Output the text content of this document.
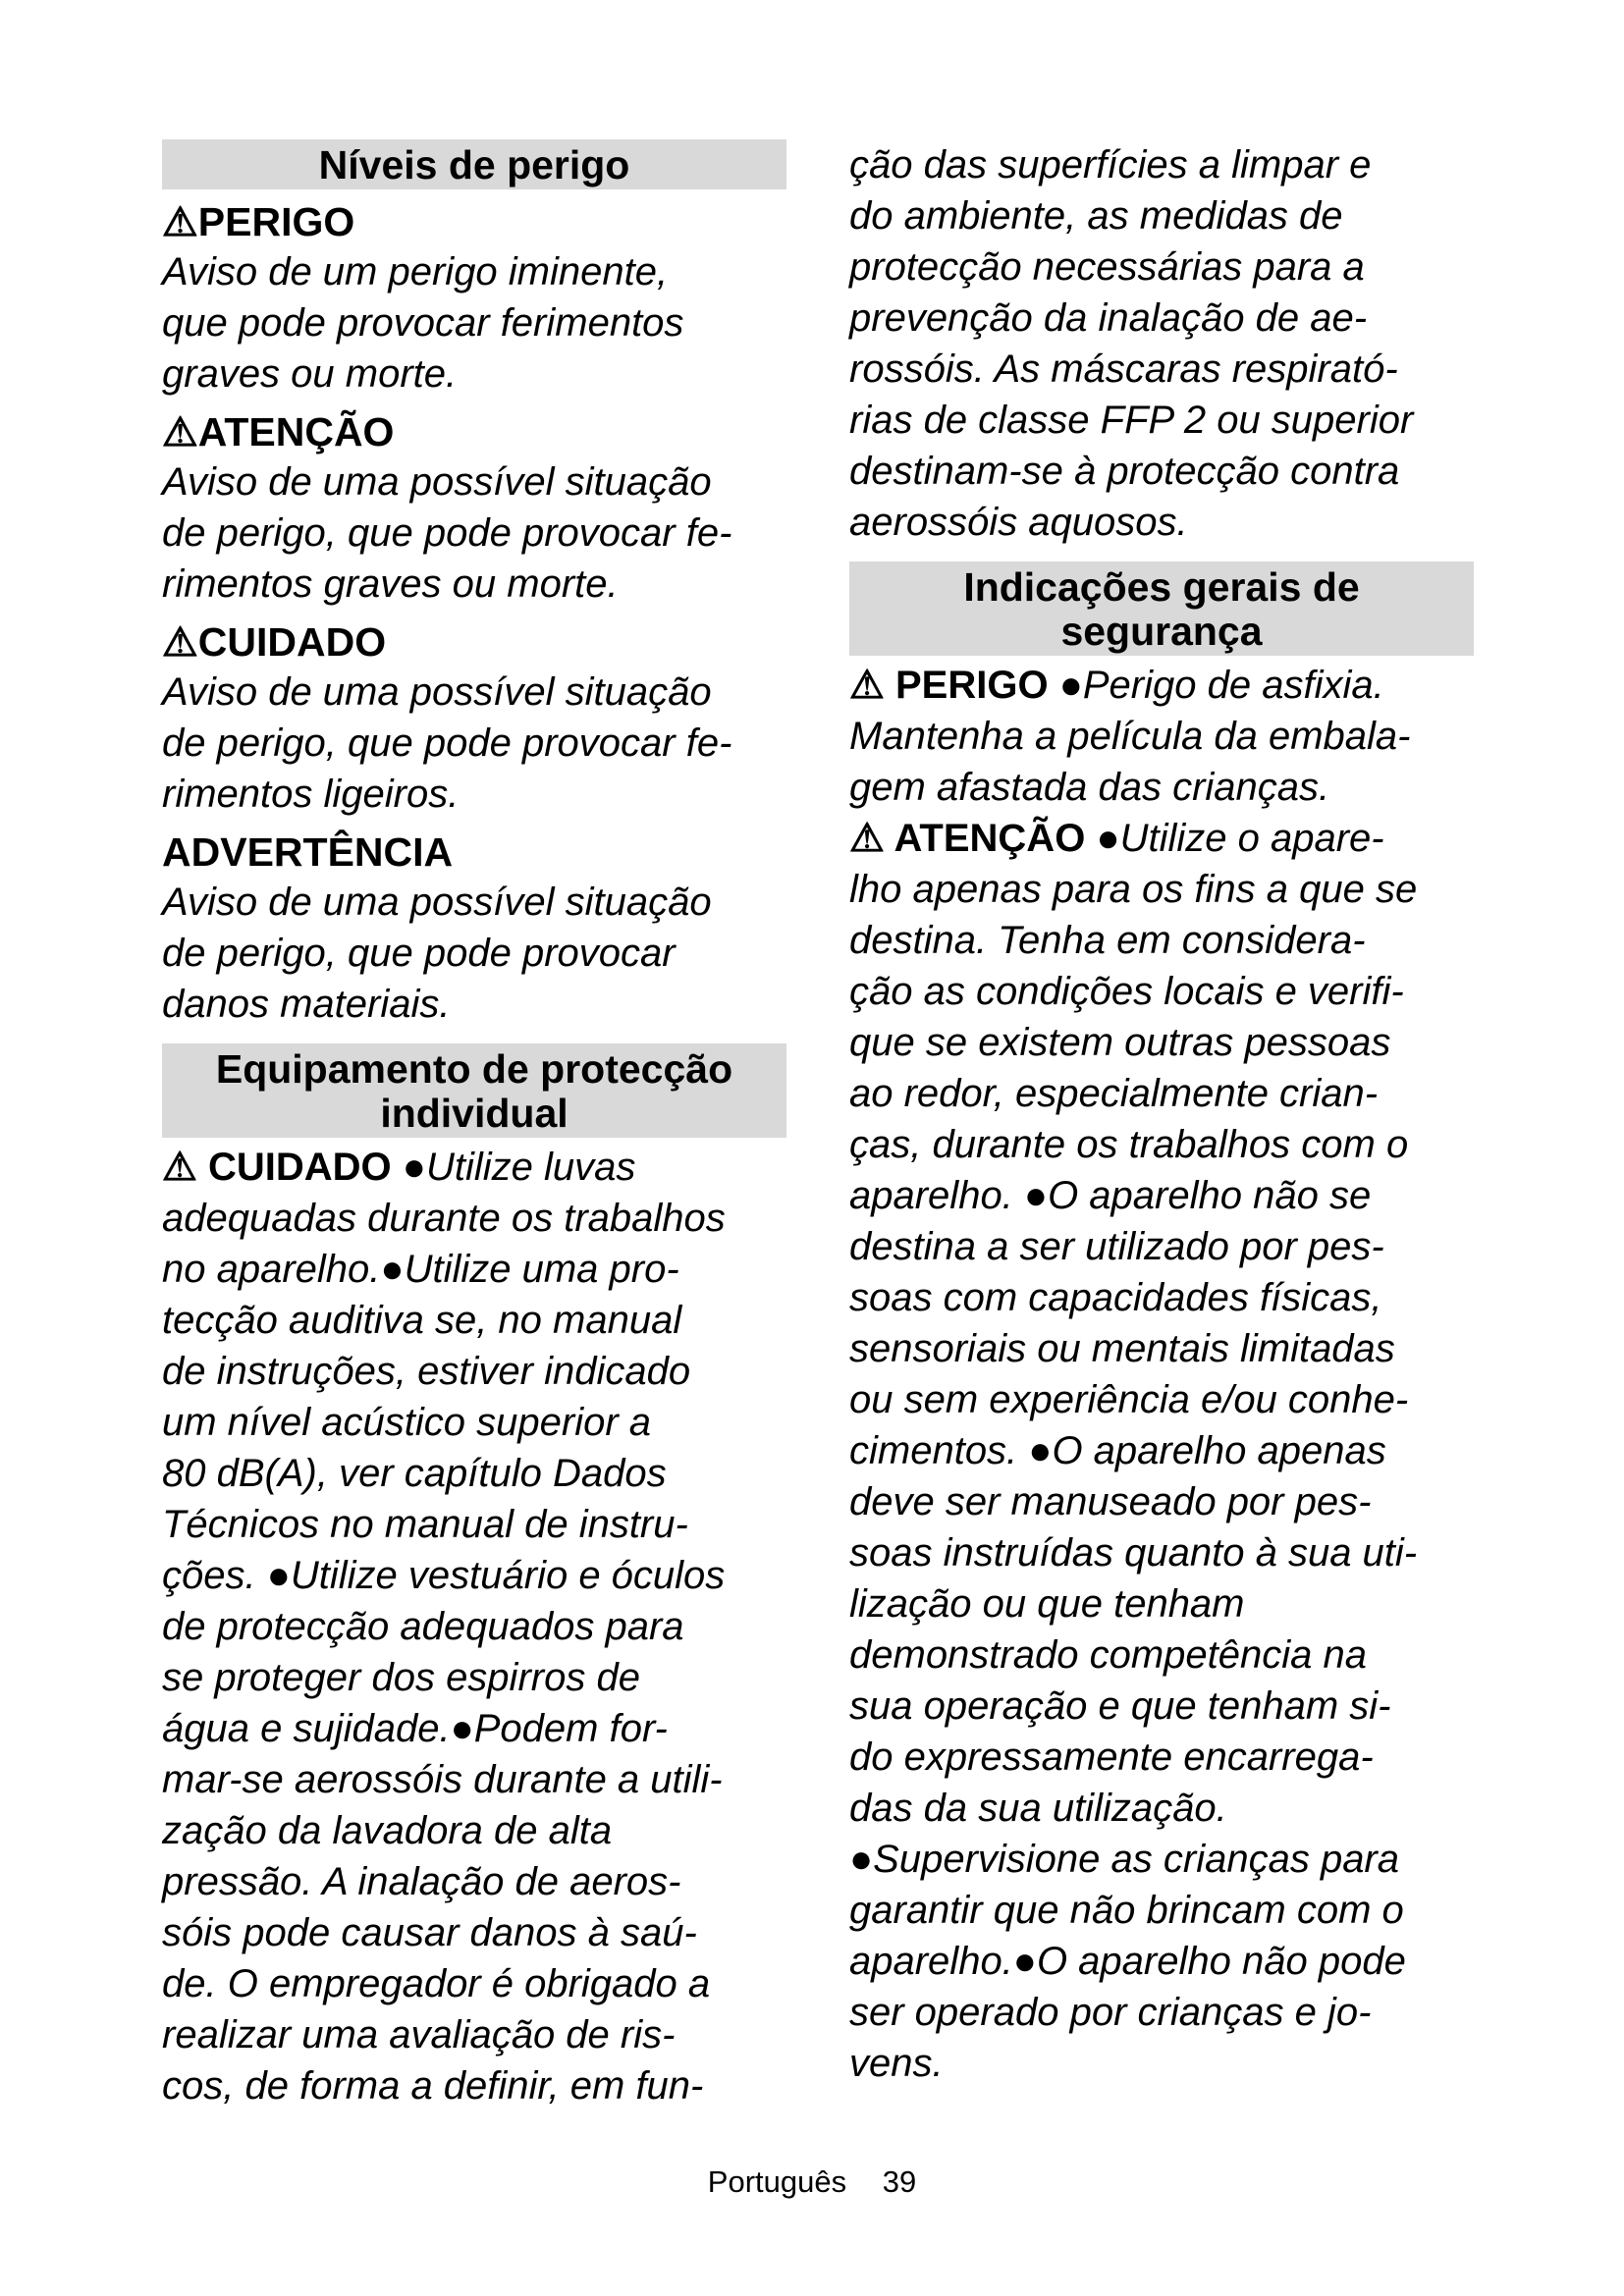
Níveis de perigo
⚠PERIGO
Aviso de um perigo iminente,
que pode provocar ferimentos
graves ou morte.
⚠ATENÇÃO
Aviso de uma possível situação
de perigo, que pode provocar fe-
rimentos graves ou morte.
⚠CUIDADO
Aviso de uma possível situação
de perigo, que pode provocar fe-
rimentos ligeiros.
ADVERTÊNCIA
Aviso de uma possível situação
de perigo, que pode provocar
danos materiais.
Equipamento de protecção
individual
⚠ CUIDADO ●Utilize luvas
adequadas durante os trabalhos
no aparelho.●Utilize uma pro-
tecção auditiva se, no manual
de instruções, estiver indicado
um nível acústico superior a
80 dB(A), ver capítulo Dados
Técnicos no manual de instru-
ções. ●Utilize vestuário e óculos
de protecção adequados para
se proteger dos espirros de
água e sujidade.●Podem for-
mar-se aerossóis durante a utili-
zação da lavadora de alta
pressão. A inalação de aeros-
sóis pode causar danos à saú-
de. O empregador é obrigado a
realizar uma avaliação de ris-
cos, de forma a definir, em fun-
ção das superfícies a limpar e
do ambiente, as medidas de
protecção necessárias para a
prevenção da inalação de ae-
rossóis. As máscaras respirató-
rias de classe FFP 2 ou superior
destinam-se à protecção contra
aerossóis aquosos.
Indicações gerais de
segurança
⚠ PERIGO ●Perigo de asfixia.
Mantenha a película da embala-
gem afastada das crianças.
⚠ ATENÇÃO ●Utilize o apare-
lho apenas para os fins a que se
destina. Tenha em considera-
ção as condições locais e verifi-
que se existem outras pessoas
ao redor, especialmente crian-
ças, durante os trabalhos com o
aparelho. ●O aparelho não se
destina a ser utilizado por pes-
soas com capacidades físicas,
sensoriais ou mentais limitadas
ou sem experiência e/ou conhe-
cimentos. ●O aparelho apenas
deve ser manuseado por pes-
soas instruídas quanto à sua uti-
lização ou que tenham
demonstrado competência na
sua operação e que tenham si-
do expressamente encarrega-
das da sua utilização.
●Supervisione as crianças para
garantir que não brincam com o
aparelho.●O aparelho não pode
ser operado por crianças e jo-
vens.
Português 39
